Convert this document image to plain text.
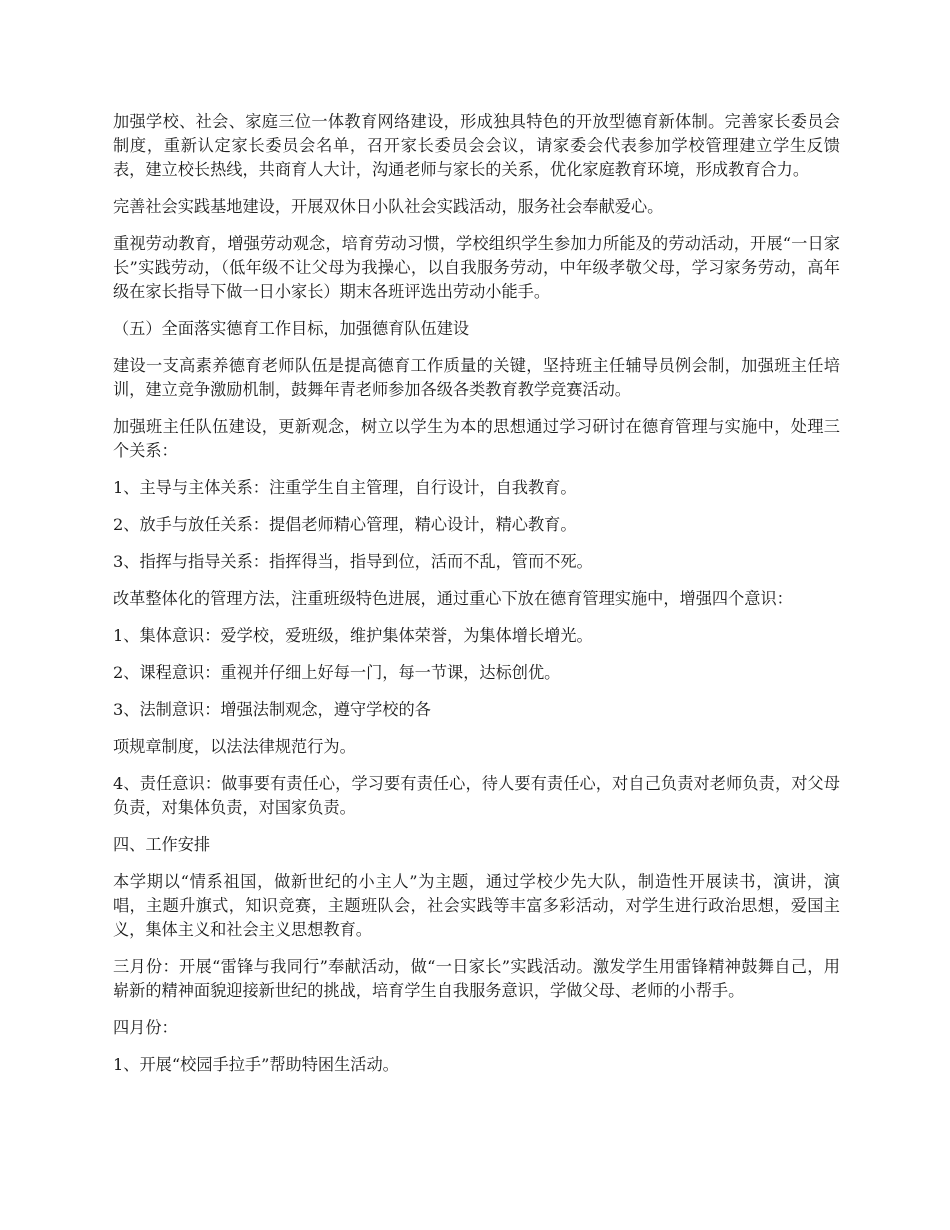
加强学校、社会、家庭三位一体教育网络建设，形成独具特色的开放型德育新体制。完善家长委员会制度，重新认定家长委员会名单，召开家长委员会会议，请家委会代表参加学校管理建立学生反馈表，建立校长热线，共商育人大计，沟通老师与家长的关系，优化家庭教育环境，形成教育合力。

完善社会实践基地建设，开展双休日小队社会实践活动，服务社会奉献爱心。

重视劳动教育，增强劳动观念，培育劳动习惯，学校组织学生参加力所能及的劳动活动，开展“一日家长”实践劳动，（低年级不让父母为我操心，以自我服务劳动，中年级孝敬父母，学习家务劳动，高年级在家长指导下做一日小家长）期末各班评选出劳动小能手。

（五）全面落实德育工作目标，加强德育队伍建设

建设一支高素养德育老师队伍是提高德育工作质量的关键，坚持班主任辅导员例会制，加强班主任培训，建立竞争激励机制，鼓舞年青老师参加各级各类教育教学竞赛活动。

加强班主任队伍建设，更新观念，树立以学生为本的思想通过学习研讨在德育管理与实施中，处理三个关系：

1、主导与主体关系：注重学生自主管理，自行设计，自我教育。

2、放手与放任关系：提倡老师精心管理，精心设计，精心教育。

3、指挥与指导关系：指挥得当，指导到位，活而不乱，管而不死。

改革整体化的管理方法，注重班级特色进展，通过重心下放在德育管理实施中，增强四个意识：

1、集体意识：爱学校，爱班级，维护集体荣誉，为集体增长增光。

2、课程意识：重视并仔细上好每一门，每一节课，达标创优。

3、法制意识：增强法制观念，遵守学校的各

项规章制度，以法法律规范行为。

4、责任意识：做事要有责任心，学习要有责任心，待人要有责任心，对自己负责对老师负责，对父母负责，对集体负责，对国家负责。

四、工作安排

本学期以“情系祖国，做新世纪的小主人”为主题，通过学校少先大队，制造性开展读书，演讲，演唱，主题升旗式，知识竞赛，主题班队会，社会实践等丰富多彩活动，对学生进行政治思想，爱国主义，集体主义和社会主义思想教育。

三月份：开展“雷锋与我同行”奉献活动，做“一日家长”实践活动。激发学生用雷锋精神鼓舞自己，用崭新的精神面貌迎接新世纪的挑战，培育学生自我服务意识，学做父母、老师的小帮手。

四月份：

1、开展“校园手拉手”帮助特困生活动。
